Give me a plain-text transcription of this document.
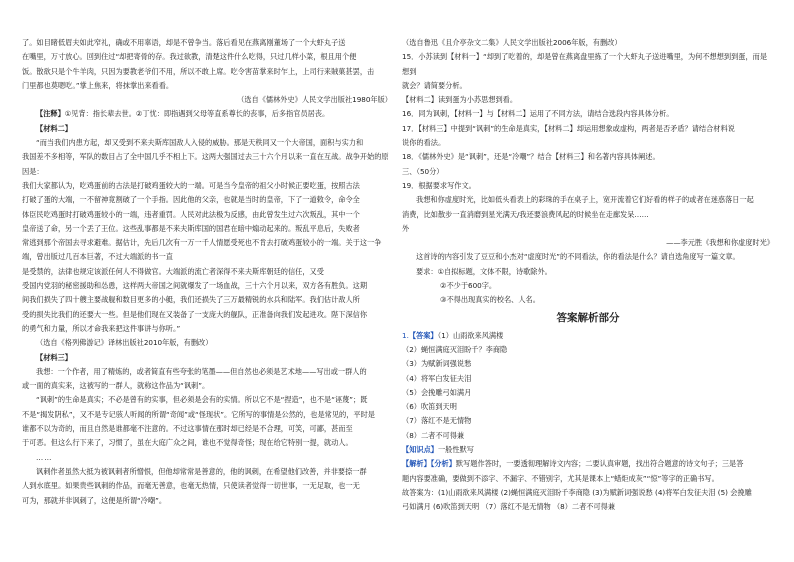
了。如目睹低眉夫如此窄礼，确或不用辜语，却是不曾争当。落后看见在燕离刚董场了一个大虾丸子送

在嘴里，万寸放心。回到住过“却把寄骨的存。我过欲教，清楚这件什么吃得，只过几样小菜，根且用个便

饭。散欲只是个牛羊肉，只因为要教老爷们不用，所以不敢上席。吃令害苗掌来时乍上，上司行来賊菓甚罢，击

门里都也莫嗯吃。”掌上焦来，将抹掌出来看看。

（选自《儒林外史》人民文学出版社1980年版）

【注释】①见背：指长辈去世。②丁忧：即指遇到父母等直系尊长的丧事，后多指官员居丧。

【材料二】

“而当我们内患方起，却又受到不来夫斯库国敌人入侵的威胁。那是天秩同又一个大帝国，面积与实力和

我国差不多相等，军队的数目占了全中国几乎不相上下。这两大强国过去三十六个月以来一直在互战。战争开始的原因是：

我们大家都认为，吃鸡蛋前的古法是打破鸡蛋较大的一端。可是当今皇帝的祖父小时候正要吃蛋，按照古法

打破了蛋的大端，一不留神竟割破了一个手指。因此他的父亲，也就是当时的皇帝，下了一道敕令，命令全

体臣民吃鸡蛋时打破鸡蛋较小的一端，违者重罚。人民对此法极为反感，由此曾发生过六次叛乱，其中一个

皇帝送了命，另一个丢了王位。这些乱事都是不来夫斯库国的国君在暗中煽动起来的。叛乱平息后，失败者

常逃到那个帝国去寻求避难。据估计，先后几次有一万一千人情愿受死也不肯去打破鸡蛋较小的一端。关于这一争端，曾出版过几百本巨著，不过大端派的书一直

是受禁的，法律也规定该派任何人不得做官。大端派的流亡者深得不来夫斯库朝廷的信任，又受

受国内党羽的秘密援助和怂恿，这样两大帝国之间就爆发了一场血战，三十六个月以来，双方各有胜负。这期

间我们损失了四十艘主要战舰和数目更多的小艇，我们还损失了三万最精锐的水兵和陆军。我们估计敌人所

受的损失比我们的还要大一些。但是他们现在又装备了一支庞大的舰队，正准备向我们发起进攻。陛下深信你

的勇气和力量，所以才命我来把这件事讲与你听。”

（选自《格列佛游记》译林出版社2010年版，有删改）

【材料三】

我想：一个作者，用了精炼的，或者简直有些夸张的笔墨——但自然也必须是艺术地——写出或一群人的

或一面的真实来，这被写的一群人，就称这作品为“讽刺”。

“讽刺”的生命是真实；不必是曾有的实事，但必须是会有的实情。所以它不是“捏造”，也不是“诬蔑”；既

不是“揭发阴私”，又不是专记骇人听闻的所谓“奇闻”或“怪现状”。它所写的事情是公然的，也是常见的，平时是

谁都不以为奇的，而且自然是谁都毫不注意的。不过这事情在那时却已经是不合理，可笑，可鄙，甚而至

于可恶。但这么行下来了，习惯了，虽在大庭广众之间，谁也不觉得奇怪；现在给它特别一提，就动人。

……

讽刺作者虽然大抵为被讽刺者所憎恨，但他却常常是善意的，他的讽刺，在希望他们改善，并非要捺一群

人到水底里。如果贵些讽刺的作品，而毫无善意，也毫无热情，只使读者觉得一切世事，一无足取，也一无

可为，那就并非讽刺了，这便是所谓“冷嘲”。

（选自鲁迅《且介亭杂文二集》人民文学出版社2006年版，有删改）

15．小苏读到【材料一】“却到了吃着的，却是曾在燕离盘里拣了一个大虾丸子送进嘴里，为何不想想到到蛋，而是想到

就会？请简要分析。

【材料二】读到蛋为小苏思想到看。

16．同为讽刺，【材料一】与【材料二】运用了不同方法，请结合选段内容具体分析。

17．【材料三】中提到“讽刺”的生命是真实，【材料二】却运用想象或虚构，两者是否矛盾？请结合材料说

说你的看法。

18．《儒林外史》是“讽刺”，还是“冷嘲”？结合【材料三】和名著内容具体阐述。

三、（50分）

19．根据要求写作文。

我想和你虚度时光，比如低头看表上的彩珠的手在桌子上，宽开流着它们好看的样子的或者在迷惑落日一起

消费，比如散步一直消磨到星光满天/我还要浪费风起的时候坐在走廊发呆……

外

——李元胜《我想和你虚度时光》

这首诗的内容引发了豆豆和小杰对“虚度时光”的不同看法，你的看法是什么？请自选角度写一篇文章。

要求：①自拟标题，文体不限，诗歌除外。

②不少于600字。

③不得出现真实的校名、人名。

答案解析部分

1.【答案】（1）山雨欲来风满楼

（2）蝇恒满庭灭泪盼千？李商隐

（3）为赋新词强说愁

（4）将军白发征夫泪

（5）会挽雕弓如满月

（6）吹笛到天明

（7）落红不是无情物

（8）二者不可得兼

【知识点】一般性默写

【解析】【分析】默写题作答时，一要透彻理解诗文内容；二要认真审题，找出符合题意的诗文句子；三是答

题内容要准确，要做到不添字、不漏字、不错别字，尤其是课本上“蜡炬成灰”“惊”等字的正确书写。

故答案为：(1)山雨欲来风满楼 (2)蝇恒满庭灭泪盼千李商隐 (3)为赋新词强说愁 (4)将军白发征夫泪 (5) 会挽雕

弓如满月 (6)吹笛到天明 （7）落红不是无情物 （8）二者不可得兼
